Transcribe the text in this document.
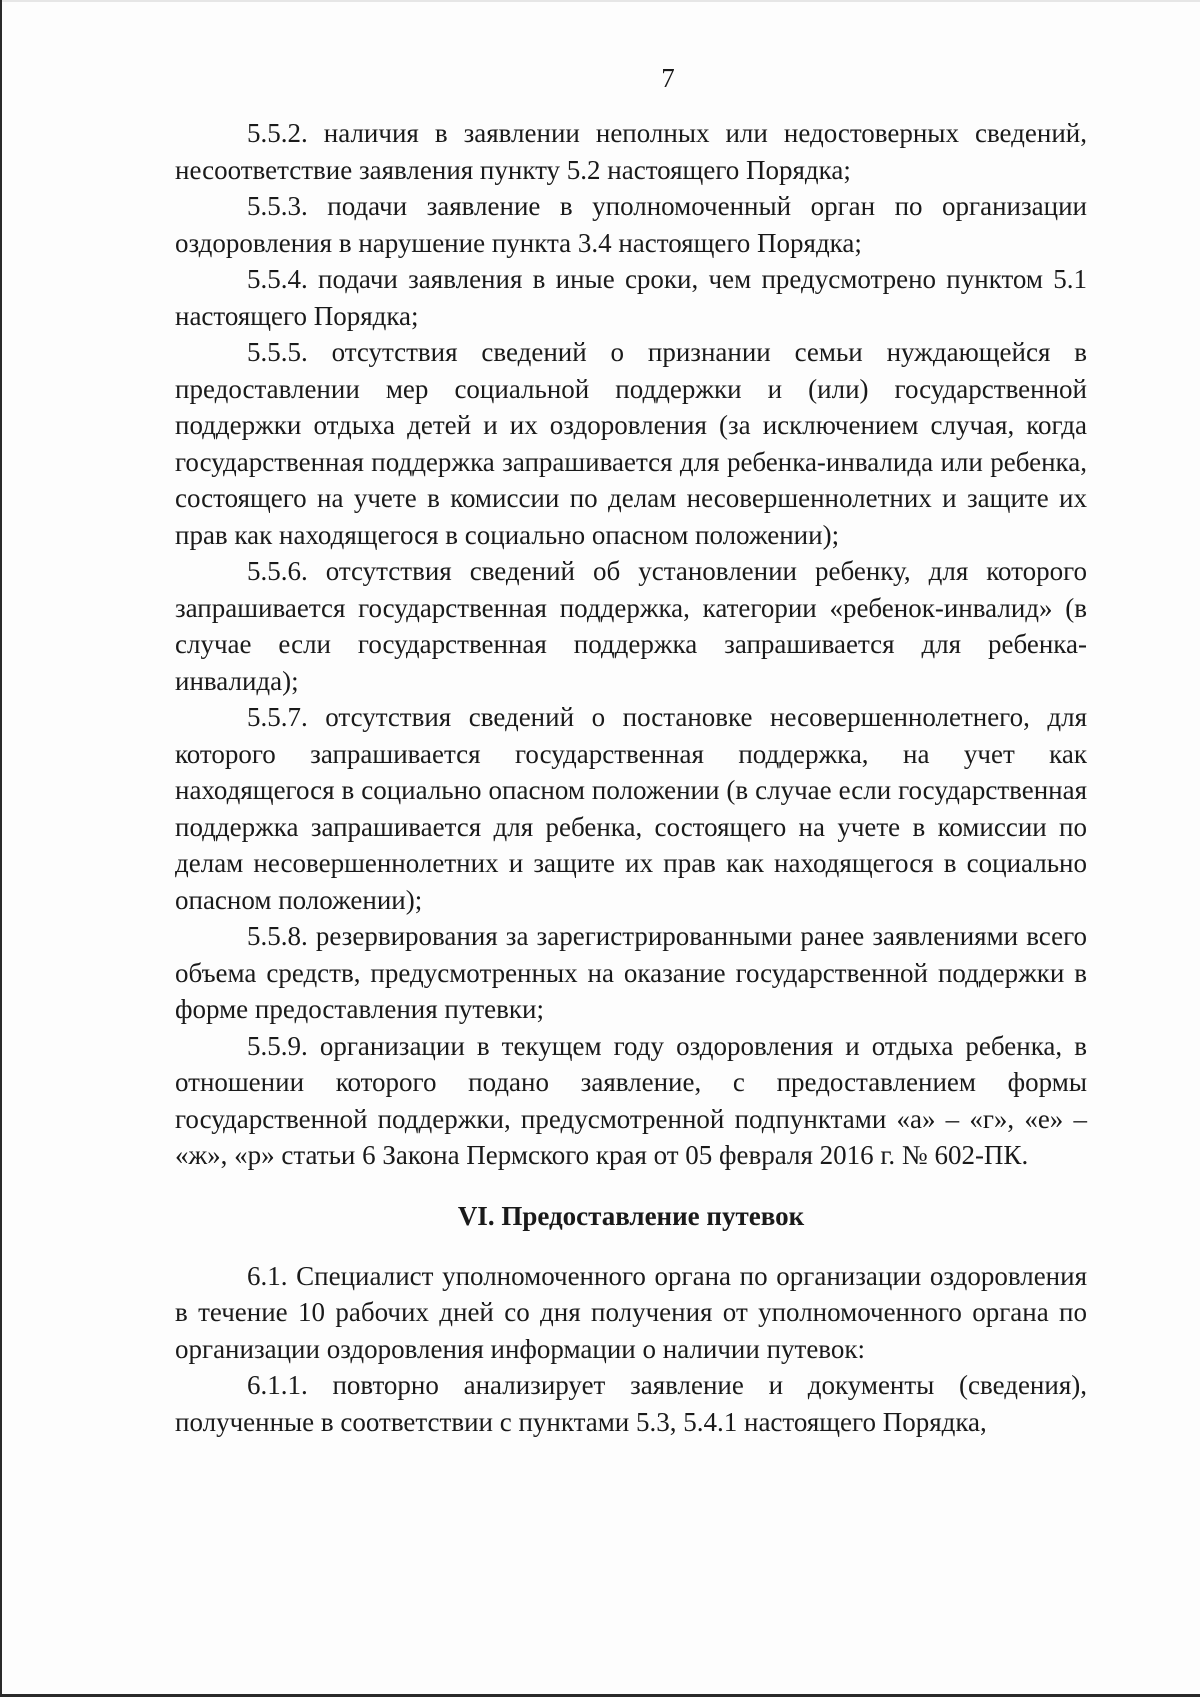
7

5.5.2. наличия в заявлении неполных или недостоверных сведений, несоответствие заявления пункту 5.2 настоящего Порядка;

5.5.3. подачи заявление в уполномоченный орган по организации оздоровления в нарушение пункта 3.4 настоящего Порядка;

5.5.4. подачи заявления в иные сроки, чем предусмотрено пунктом 5.1 настоящего Порядка;

5.5.5. отсутствия сведений о признании семьи нуждающейся в предоставлении мер социальной поддержки и (или) государственной поддержки отдыха детей и их оздоровления (за исключением случая, когда государственная поддержка запрашивается для ребенка-инвалида или ребенка, состоящего на учете в комиссии по делам несовершеннолетних и защите их прав как находящегося в социально опасном положении);

5.5.6. отсутствия сведений об установлении ребенку, для которого запрашивается государственная поддержка, категории «ребенок-инвалид» (в случае если государственная поддержка запрашивается для ребенка-инвалида);

5.5.7. отсутствия сведений о постановке несовершеннолетнего, для которого запрашивается государственная поддержка, на учет как находящегося в социально опасном положении (в случае если государственная поддержка запрашивается для ребенка, состоящего на учете в комиссии по делам несовершеннолетних и защите их прав как находящегося в социально опасном положении);

5.5.8. резервирования за зарегистрированными ранее заявлениями всего объема средств, предусмотренных на оказание государственной поддержки в форме предоставления путевки;

5.5.9. организации в текущем году оздоровления и отдыха ребенка, в отношении которого подано заявление, с предоставлением формы государственной поддержки, предусмотренной подпунктами «а» – «г», «е» – «ж», «р» статьи 6 Закона Пермского края от 05 февраля 2016 г. № 602-ПК.

VI. Предоставление путевок

6.1. Специалист уполномоченного органа по организации оздоровления в течение 10 рабочих дней со дня получения от уполномоченного органа по организации оздоровления информации о наличии путевок:

6.1.1. повторно анализирует заявление и документы (сведения), полученные в соответствии с пунктами 5.3, 5.4.1 настоящего Порядка,
